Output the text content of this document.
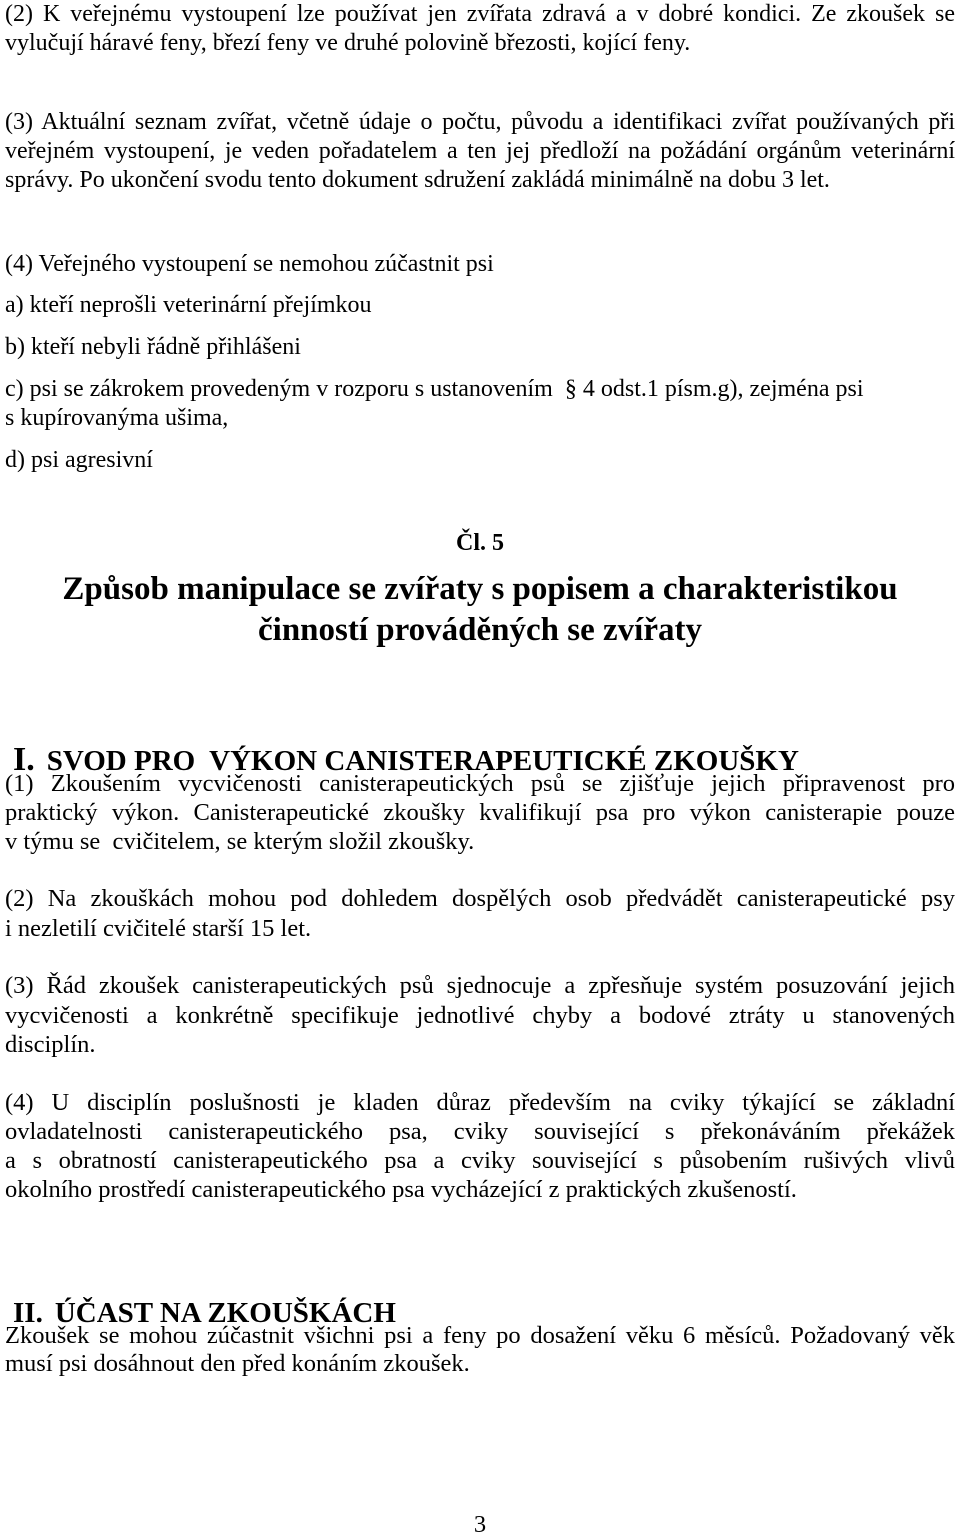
(2) K veřejnému vystoupení lze používat jen zvířata zdravá a v dobré kondici. Ze zkoušek se
vylučují háravé feny, březí feny ve druhé polovině březosti, kojící feny.
(3) Aktuální seznam zvířat, včetně údaje o počtu, původu a identifikaci zvířat používaných při
veřejném vystoupení, je veden pořadatelem a ten jej předloží na požádání orgánům veterinární
správy. Po ukončení svodu tento dokument sdružení zakládá minimálně na dobu 3 let.
(4) Veřejného vystoupení se nemohou zúčastnit psi
a) kteří neprošli veterinární přejímkou
b) kteří nebyli řádně přihlášeni
c) psi se zákrokem provedeným v rozporu s ustanovením  § 4 odst.1 písm.g), zejména psi
s kupírovanýma ušima,
d) psi agresivní
Čl. 5
Způsob manipulace se zvířaty s popisem a charakteristikou
činností prováděných se zvířaty

I. SVOD PRO  VÝKON CANISTERAPEUTICKÉ ZKOUŠKY

(1) Zkoušením vycvičenosti canisterapeutických psů se zjišťuje jejich připravenost pro
praktický výkon. Canisterapeutické zkoušky kvalifikují psa pro výkon canisterapie pouze
v týmu se  cvičitelem, se kterým složil zkoušky.
(2) Na zkouškách mohou pod dohledem dospělých osob předvádět canisterapeutické psy
i nezletilí cvičitelé starší 15 let.
(3) Řád zkoušek canisterapeutických psů sjednocuje a zpřesňuje systém posuzování jejich
vycvičenosti a konkrétně specifikuje jednotlivé chyby a bodové ztráty u stanovených
disciplín.
(4) U disciplín poslušnosti je kladen důraz především na cviky týkající se základní
ovladatelnosti canisterapeutického psa, cviky související s překonáváním překážek
a s obratností canisterapeutického psa a cviky související s působením rušivých vlivů
okolního prostředí canisterapeutického psa vycházející z praktických zkušeností.

II. ÚČAST NA ZKOUŠKÁCH

Zkoušek se mohou zúčastnit všichni psi a feny po dosažení věku 6 měsíců. Požadovaný věk
musí psi dosáhnout den před konáním zkoušek.
3
